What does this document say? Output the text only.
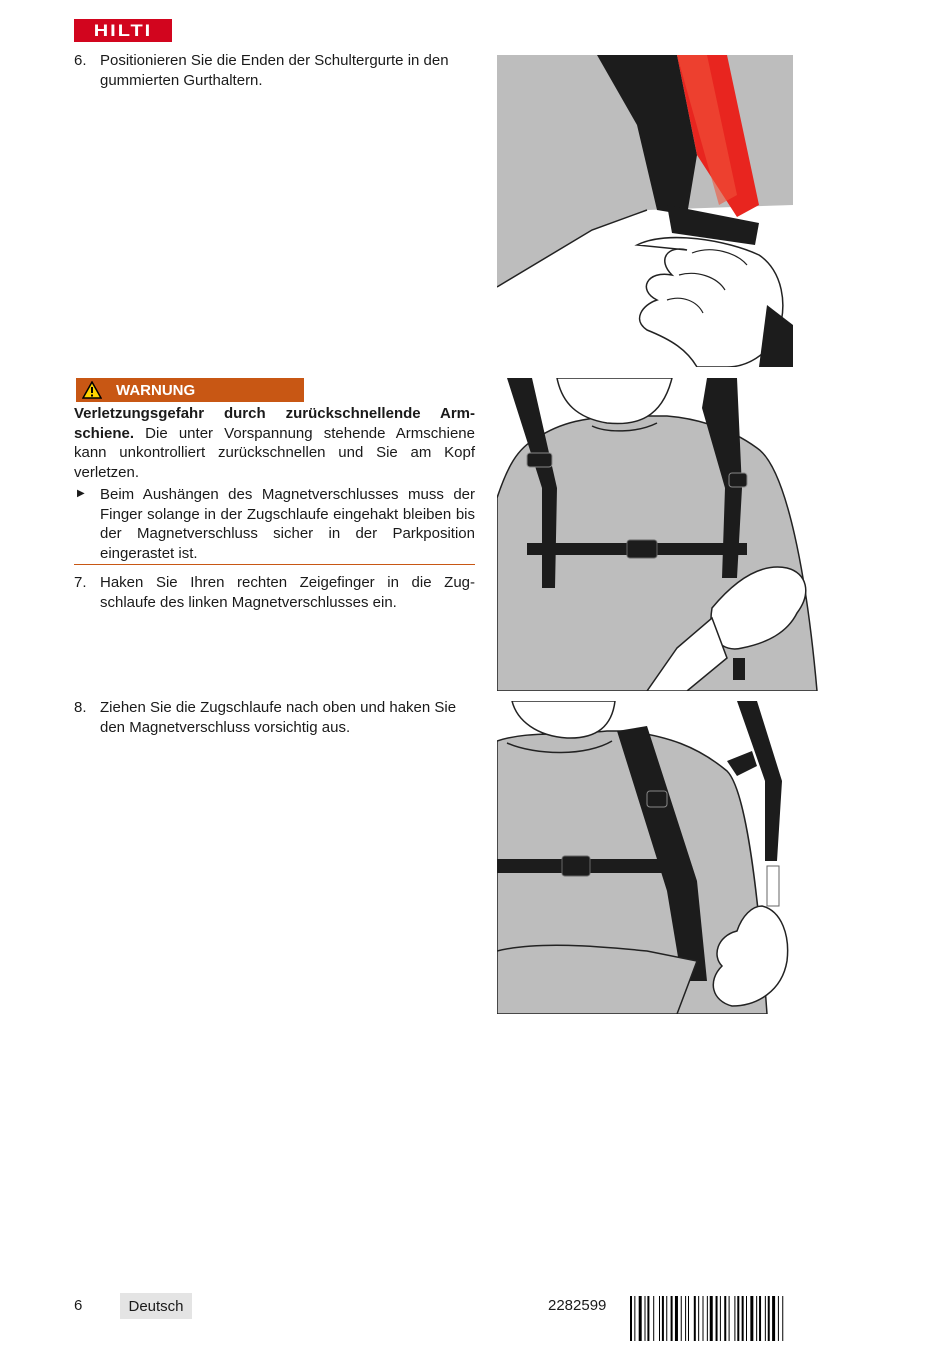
HILTI
6. Positionieren Sie die Enden der Schultergurte in den
gummierten Gurthaltern.
WARNUNG
Verletzungsgefahr durch zurückschnellende Arm-schiene. Die unter Vorspannung stehende Armschiene kann unkontrolliert zurückschnellen und Sie am Kopf verletzen.
▶ Beim Aushängen des Magnetverschlusses muss der Finger solange in der Zugschlaufe eingehakt bleiben bis der Magnetverschluss sicher in der Parkposition eingerastet ist.
7. Haken Sie Ihren rechten Zeigefinger in die Zug-
schlaufe des linken Magnetverschlusses ein.
8. Ziehen Sie die Zugschlaufe nach oben und haken Sie
den Magnetverschluss vorsichtig aus.
6	Deutsch	2282599
